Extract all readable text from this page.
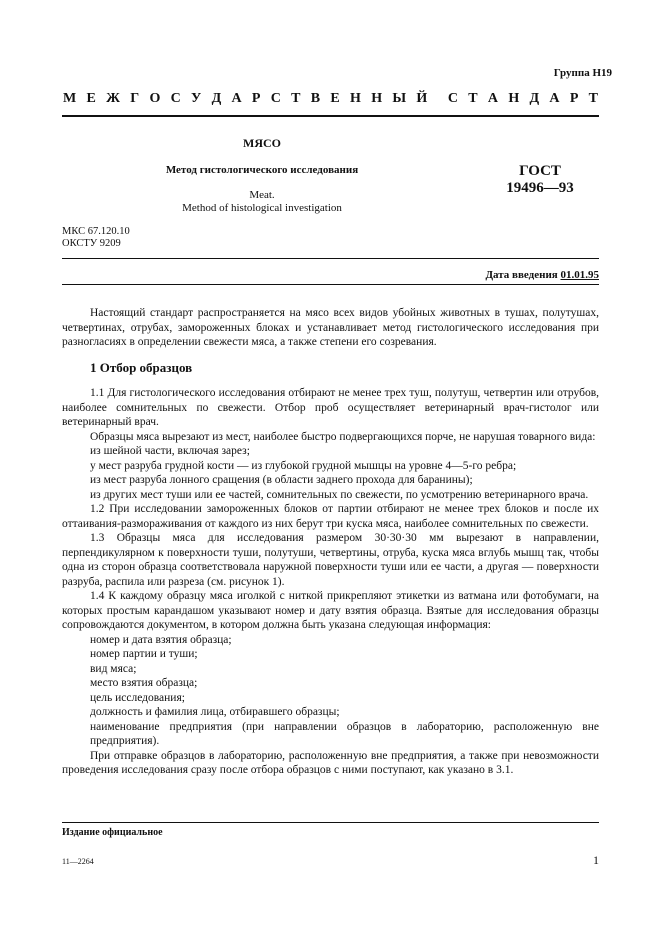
Группа Н19
М Е Ж Г О С У Д А Р С Т В Е Н Н Ы Й С Т А Н Д А Р Т
МЯСО
Метод гистологического исследования
Meat.
Method of histological investigation
ГОСТ
19496—93
МКС 67.120.10
ОКСТУ 9209
Дата введения 01.01.95

Настоящий стандарт распространяется на мясо всех видов убойных животных в тушах, полутушах, четвертинах, отрубах, замороженных блоках и устанавливает метод гистологического исследования при разногласиях в определении свежести мяса, а также степени его созревания.

1 Отбор образцов

1.1 Для гистологического исследования отбирают не менее трех туш, полутуш, четвертин или отрубов, наиболее сомнительных по свежести. Отбор проб осуществляет ветеринарный врач-гистолог или ветеринарный врач.

Образцы мяса вырезают из мест, наиболее быстро подвергающихся порче, не нарушая товарного вида:

из шейной части, включая зарез;

у мест разруба грудной кости — из глубокой грудной мышцы на уровне 4—5-го ребра;

из мест разруба лонного сращения (в области заднего прохода для баранины);

из других мест туши или ее частей, сомнительных по свежести, по усмотрению ветеринарного врача.

1.2 При исследовании замороженных блоков от партии отбирают не менее трех блоков и после их оттаивания-размораживания от каждого из них берут три куска мяса, наиболее сомнительных по свежести.

1.3 Образцы мяса для исследования размером 30·30·30 мм вырезают в направлении, перпендикулярном к поверхности туши, полутуши, четвертины, отруба, куска мяса вглубь мышц так, чтобы одна из сторон образца соответствовала наружной поверхности туши или ее части, а другая — поверхности разруба, распила или разреза (см. рисунок 1).

1.4 К каждому образцу мяса иголкой с ниткой прикрепляют этикетки из ватмана или фотобумаги, на которых простым карандашом указывают номер и дату взятия образца. Взятые для исследования образцы сопровождаются документом, в котором должна быть указана следующая информация:

номер и дата взятия образца;

номер партии и туши;

вид мяса;

место взятия образца;

цель исследования;

должность и фамилия лица, отбиравшего образцы;

наименование предприятия (при направлении образцов в лабораторию, расположенную вне предприятия).

При отправке образцов в лабораторию, расположенную вне предприятия, а также при невозможности проведения исследования сразу после отбора образцов с ними поступают, как указано в 3.1.

Издание официальное
11—2264	1
